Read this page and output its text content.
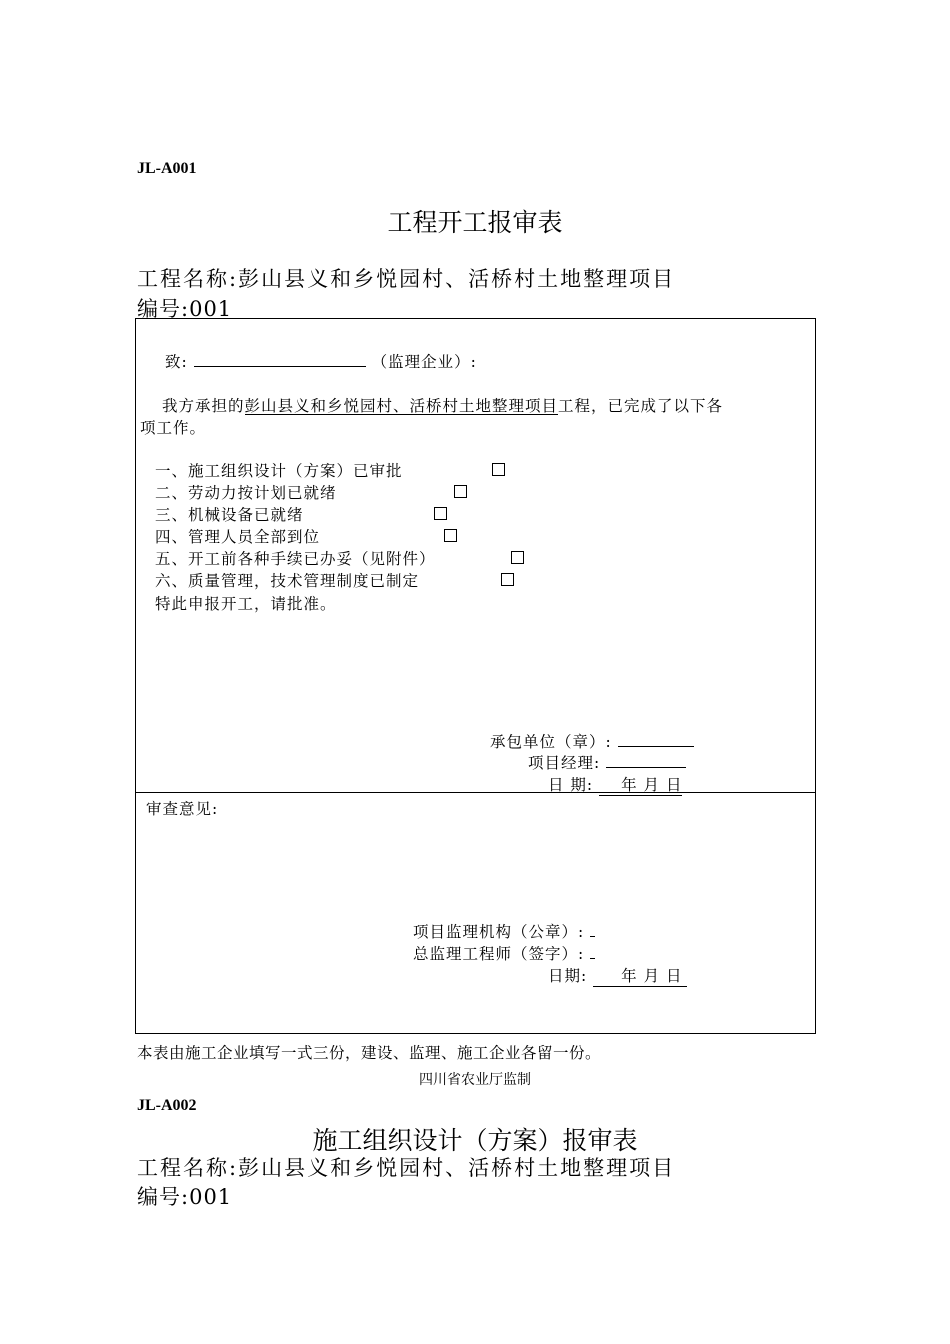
JL-A001
工程开工报审表
工程名称:彭山县义和乡悦园村、活桥村土地整理项目
编号:001
致:	（监理企业）:
我方承担的彭山县义和乡悦园村、活桥村土地整理项目工程，已完成了以下各
项工作。
一、施工组织设计（方案）已审批
二、劳动力按计划已就绪
三、机械设备已就绪
四、管理人员全部到位
五、开工前各种手续已办妥（见附件）
六、质量管理，技术管理制度已制定
特此申报开工，请批准。
承包单位（章）:
项目经理:
日 期: 年 月 日
审查意见:
项目监理机构（公章）:
总监理工程师（签字）:
日期: 年 月 日
本表由施工企业填写一式三份，建设、监理、施工企业各留一份。
四川省农业厅监制
JL-A002
施工组织设计（方案）报审表
工程名称:彭山县义和乡悦园村、活桥村土地整理项目
编号:001
